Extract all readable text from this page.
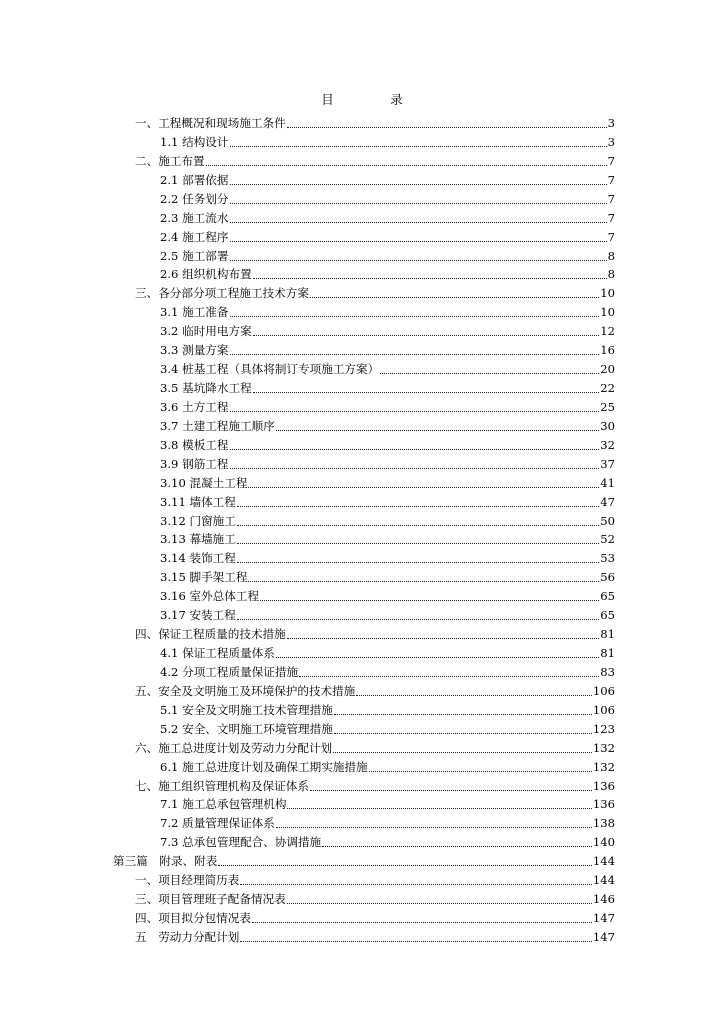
目　录
一、工程概况和现场施工条件	3
1.1 结构设计	3
二、施工布置	7
2.1 部署依据	7
2.2 任务划分	7
2.3 施工流水	7
2.4 施工程序	7
2.5 施工部署	8
2.6 组织机构布置	8
三、各分部分项工程施工技术方案	10
3.1 施工准备	10
3.2 临时用电方案	12
3.3 测量方案	16
3.4 桩基工程（具体将制订专项施工方案）	20
3.5 基坑降水工程	22
3.6 土方工程	25
3.7 土建工程施工顺序	30
3.8 模板工程	32
3.9 钢筋工程	37
3.10 混凝土工程	41
3.11 墙体工程	47
3.12 门窗施工	50
3.13 幕墙施工	52
3.14 装饰工程	53
3.15 脚手架工程	56
3.16 室外总体工程	65
3.17 安装工程	65
四、保证工程质量的技术措施	81
4.1 保证工程质量体系	81
4.2 分项工程质量保证措施	83
五、安全及文明施工及环境保护的技术措施	106
5.1 安全及文明施工技术管理措施	106
5.2 安全、文明施工环境管理措施	123
六、施工总进度计划及劳动力分配计划	132
6.1 施工总进度计划及确保工期实施措施	132
七、施工组织管理机构及保证体系	136
7.1 施工总承包管理机构	136
7.2 质量管理保证体系	138
7.3 总承包管理配合、协调措施	140
第三篇　附录、附表	144
一、项目经理简历表	144
三、项目管理班子配备情况表	146
四、项目拟分包情况表	147
五　劳动力分配计划	147
